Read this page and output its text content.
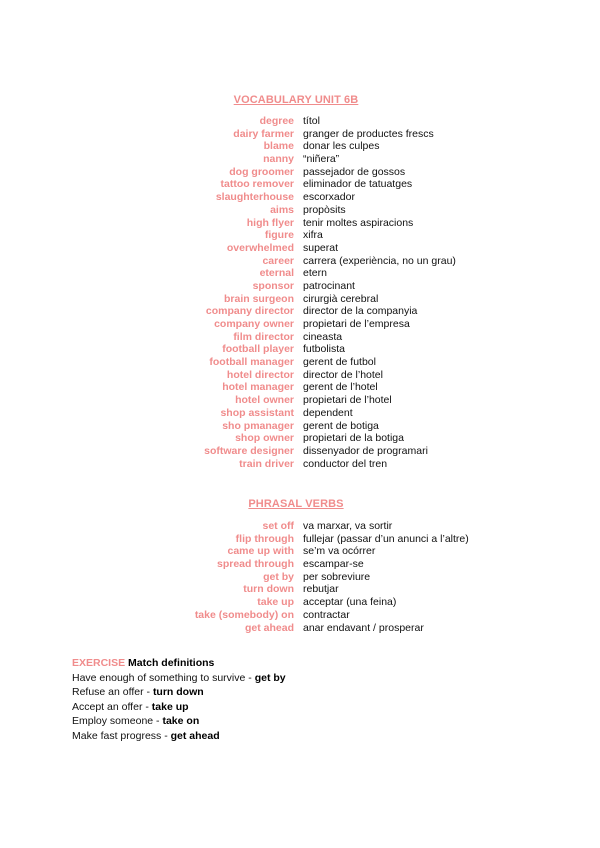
VOCABULARY UNIT 6B
degree títol
dairy farmer granger de productes frescs
blame donar les culpes
nanny “niñera”
dog groomer passejador de gossos
tattoo remover eliminador de tatuatges
slaughterhouse escorxador
aims propòsits
high flyer tenir moltes aspiracions
figure xifra
overwhelmed superat
career carrera (experiència, no un grau)
eternal etern
sponsor patrocinant
brain surgeon cirurgià cerebral
company director director de la companyia
company owner propietari de l’empresa
film director cineasta
football player futbolista
football manager gerent de futbol
hotel director director de l’hotel
hotel manager gerent de l’hotel
hotel owner propietari de l’hotel
shop assistant dependent
sho pmanager gerent de botiga
shop owner propietari de la botiga
software designer dissenyador de programari
train driver conductor del tren
PHRASAL VERBS
set off va marxar, va sortir
flip through fullejar (passar d’un anunci a l’altre)
came up with se’m va ocórrer
spread through escampar-se
get by per sobreviure
turn down rebutjar
take up acceptar (una feina)
take (somebody) on contractar
get ahead anar endavant / prosperar
EXERCISE Match definitions
Have enough of something to survive - get by
Refuse an offer - turn down
Accept an offer - take up
Employ someone - take on
Make fast progress - get ahead
